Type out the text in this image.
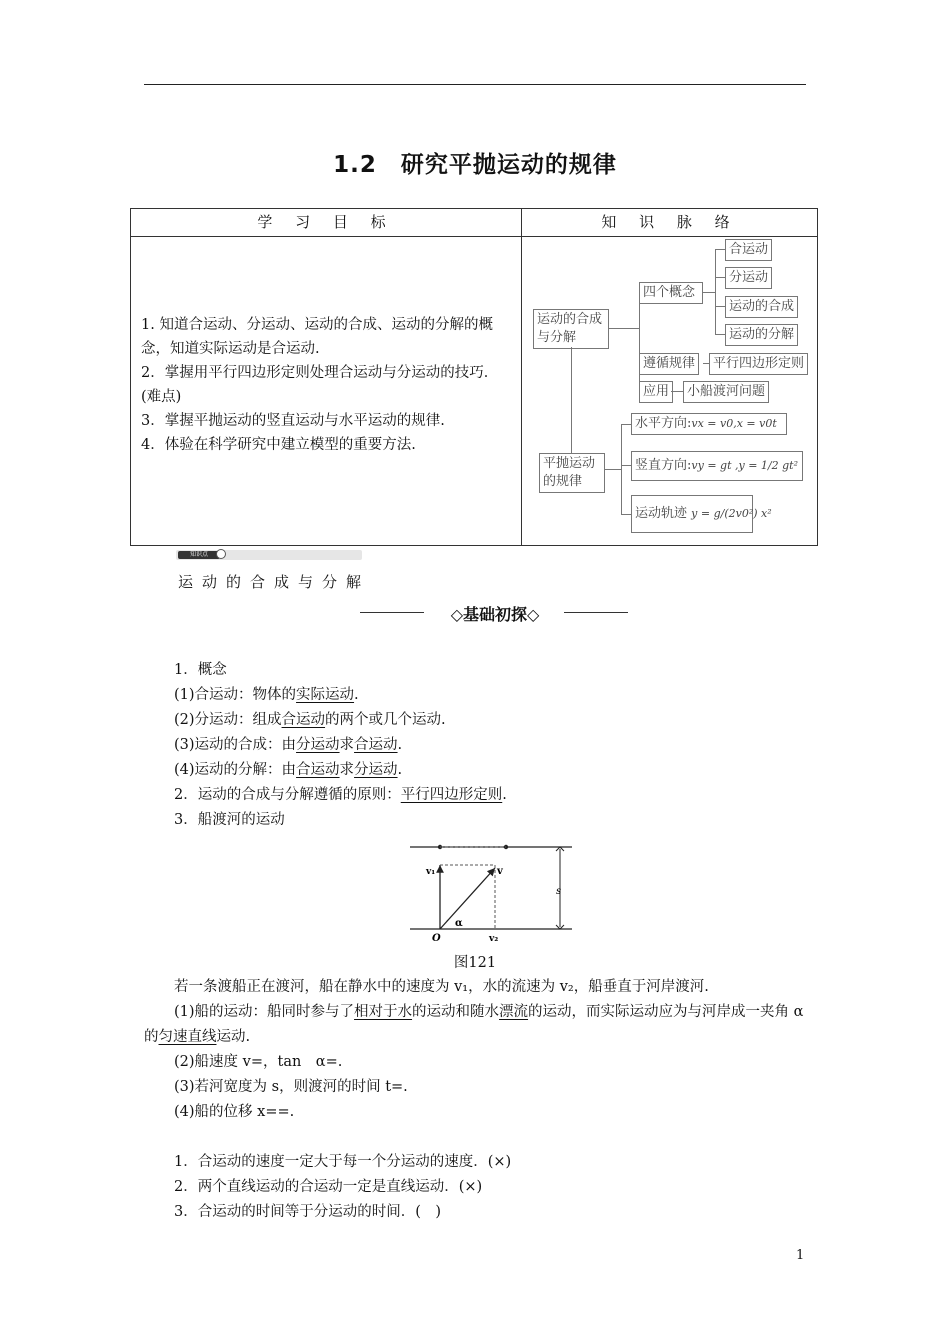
1.2　研究平抛运动的规律
学 习 目 标	知 识 脉 络
1. 知道合运动、分运动、运动的合成、运动的分解的概念，知道实际运动是合运动.
2．掌握用平行四边形定则处理合运动与分运动的技巧．(难点)
3．掌握平抛运动的竖直运动与水平运动的规律.
4．体验在科学研究中建立模型的重要方法.
运动的合成与分解
四个概念
合运动
分运动
运动的合成
运动的分解
遵循规律	平行四边形定则
应用	小船渡河问题
平抛运动的规律
水平方向:vx = v0,x = v0t
竖直方向:vy = gt ,y = 1/2 gt²
运动轨迹 y = g/(2v0²) x²
知识点
运动的合成与分解
◇基础初探◇
1．概念
(1)合运动：物体的实际运动.
(2)分运动：组成合运动的两个或几个运动.
(3)运动的合成：由分运动求合运动.
(4)运动的分解：由合运动求分运动.
2．运动的合成与分解遵循的原则：平行四边形定则.
3．船渡河的运动
v₁	v
α
O	v₂
s
图121
若一条渡船正在渡河，船在静水中的速度为 v₁，水的流速为 v₂，船垂直于河岸渡河.
(1)船的运动：船同时参与了相对于水的运动和随水漂流的运动，而实际运动应为与河岸成一夹角 α 的匀速直线运动.
(2)船速度 v=，tan　α=.
(3)若河宽度为 s，则渡河的时间 t=.
(4)船的位移 x==.
1．合运动的速度一定大于每一个分运动的速度．(×)
2．两个直线运动的合运动一定是直线运动．(×)
3．合运动的时间等于分运动的时间．(　)
1
